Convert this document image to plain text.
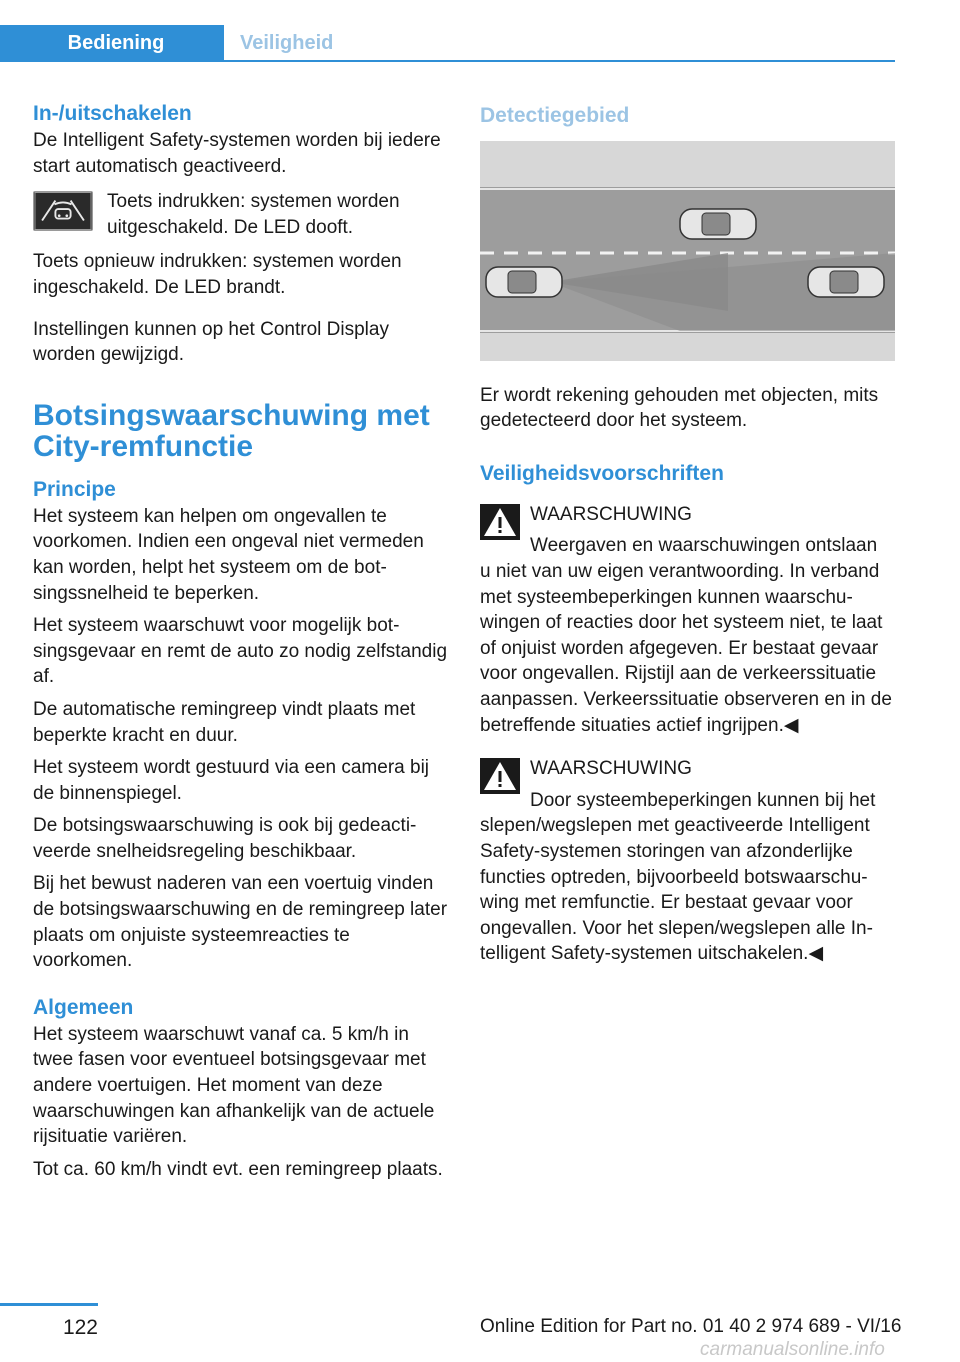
Bediening	Veiligheid
In-/uitschakelen

De Intelligent Safety-systemen worden bij iedere start automatisch geactiveerd.

Toets indrukken: systemen worden uitgeschakeld. De LED dooft.

Toets opnieuw indrukken: systemen worden ingeschakeld. De LED brandt.

Instellingen kunnen op het Control Display worden gewijzigd.

Botsingswaarschuwing met City-remfunctie
Principe

Het systeem kan helpen om ongevallen te voorkomen. Indien een ongeval niet vermeden kan worden, helpt het systeem om de botsingssnelheid te beperken.

Het systeem waarschuwt voor mogelijk botsingsgevaar en remt de auto zo nodig zelfstandig af.

De automatische remingreep vindt plaats met beperkte kracht en duur.

Het systeem wordt gestuurd via een camera bij de binnenspiegel.

De botsingswaarschuwing is ook bij gedeactiveerde snelheidsregeling beschikbaar.

Bij het bewust naderen van een voertuig vinden de botsingswaarschuwing en de remingreep later plaats om onjuiste systeemreacties te voorkomen.

Algemeen

Het systeem waarschuwt vanaf ca. 5 km/h in twee fasen voor eventueel botsingsgevaar met andere voertuigen. Het moment van deze waarschuwingen kan afhankelijk van de actuele rijsituatie variëren.

Tot ca. 60 km/h vindt evt. een remingreep plaats.

Detectiegebied

Er wordt rekening gehouden met objecten, mits gedetecteerd door het systeem.

Veiligheidsvoorschriften
WAARSCHUWING
Weergaven en waarschuwingen ontslaan
u niet van uw eigen verantwoording. In verband met systeembeperkingen kunnen waarschuwingen of reacties door het systeem niet, te laat of onjuist worden afgegeven. Er bestaat gevaar voor ongevallen. Rijstijl aan de verkeerssituatie aanpassen. Verkeerssituatie observeren en in de betreffende situaties actief ingrijpen.◀
WAARSCHUWING
Door systeembeperkingen kunnen bij het
slepen/wegslepen met geactiveerde Intelligent Safety-systemen storingen van afzonderlijke functies optreden, bijvoorbeeld botswaarschuwing met remfunctie. Er bestaat gevaar voor ongevallen. Voor het slepen/wegslepen alle Intelligent Safety-systemen uitschakelen.◀
122	Online Edition for Part no. 01 40 2 974 689 - VI/16
carmanualsonline.info
